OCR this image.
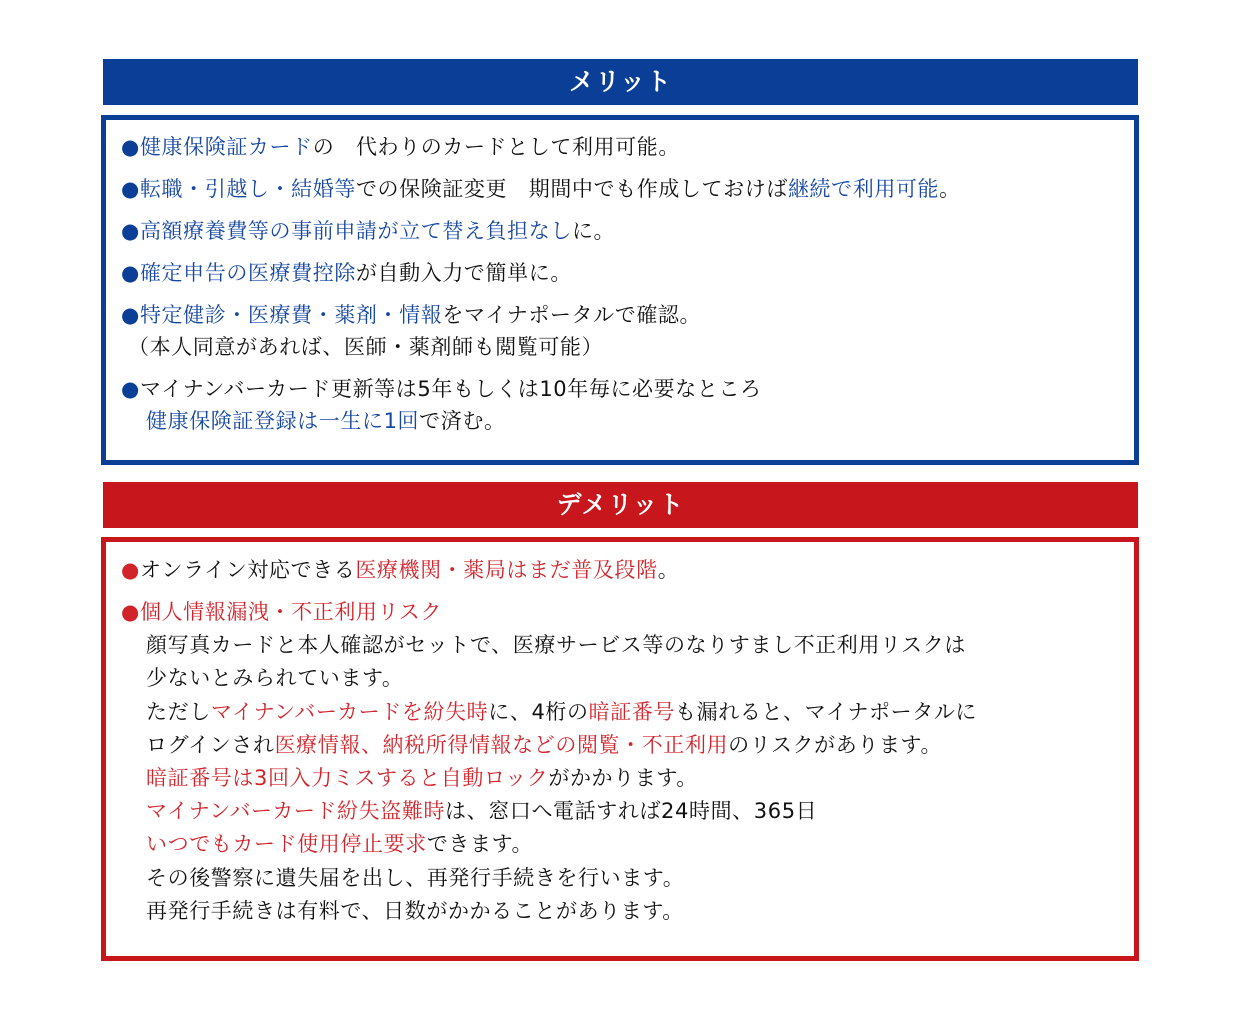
メリット
●健康保険証カードの　代わりのカードとして利用可能。
●転職・引越し・結婚等での保険証変更　期間中でも作成しておけば継続で利用可能。
●高額療養費等の事前申請が立て替え負担なしに。
●確定申告の医療費控除が自動入力で簡単に。
●特定健診・医療費・薬剤・情報をマイナポータルで確認。
（本人同意があれば、医師・薬剤師も閲覧可能）
●マイナンバーカード更新等は5年もしくは10年毎に必要なところ
健康保険証登録は一生に1回で済む。
デメリット
●オンライン対応できる医療機関・薬局はまだ普及段階。
●個人情報漏洩・不正利用リスク
顔写真カードと本人確認がセットで、医療サービス等のなりすまし不正利用リスクは
少ないとみられています。
ただしマイナンバーカードを紛失時に、4桁の暗証番号も漏れると、マイナポータルに
ログインされ医療情報、納税所得情報などの閲覧・不正利用のリスクがあります。
暗証番号は3回入力ミスすると自動ロックがかかります。
マイナンバーカード紛失盗難時は、窓口へ電話すれば24時間、365日
いつでもカード使用停止要求できます。
その後警察に遺失届を出し、再発行手続きを行います。
再発行手続きは有料で、日数がかかることがあります。
